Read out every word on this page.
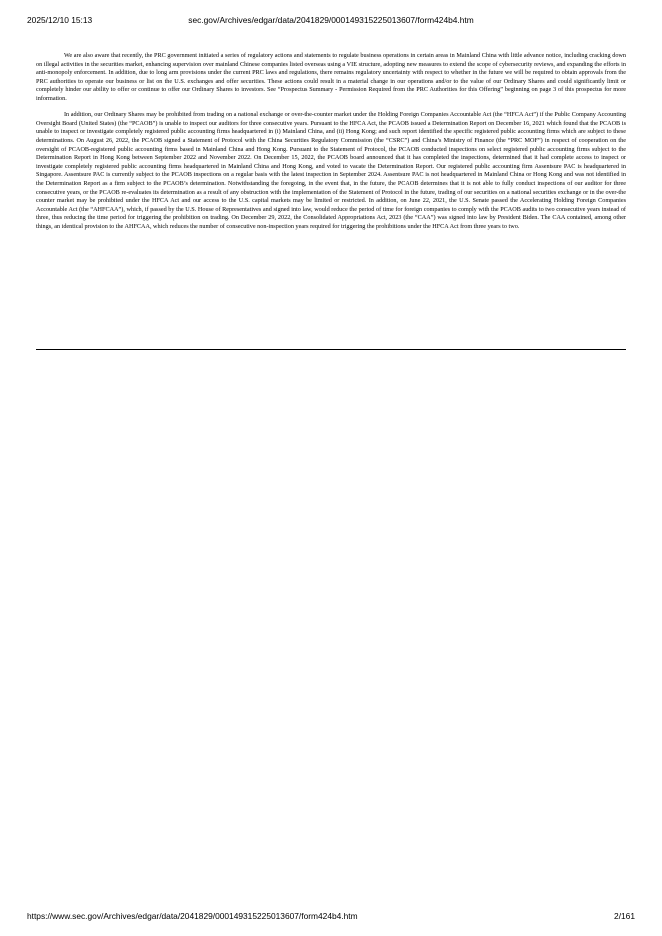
2025/12/10 15:13	sec.gov/Archives/edgar/data/2041829/000149315225013607/form424b4.htm

We are also aware that recently, the PRC government initiated a series of regulatory actions and statements to regulate business operations in certain areas in Mainland China with little advance notice, including cracking down on illegal activities in the securities market, enhancing supervision over mainland Chinese companies listed overseas using a VIE structure, adopting new measures to extend the scope of cybersecurity reviews, and expanding the efforts in anti-monopoly enforcement. In addition, due to long arm provisions under the current PRC laws and regulations, there remains regulatory uncertainty with respect to whether in the future we will be required to obtain approvals from the PRC authorities to operate our business or list on the U.S. exchanges and offer securities. These actions could result in a material change in our operations and/or to the value of our Ordinary Shares and could significantly limit or completely hinder our ability to offer or continue to offer our Ordinary Shares to investors. See “Prospectus Summary - Permission Required from the PRC Authorities for this Offering” beginning on page 3 of this prospectus for more information.

In addition, our Ordinary Shares may be prohibited from trading on a national exchange or over-the-counter market under the Holding Foreign Companies Accountable Act (the “HFCA Act”) if the Public Company Accounting Oversight Board (United States) (the “PCAOB”) is unable to inspect our auditors for three consecutive years. Pursuant to the HFCA Act, the PCAOB issued a Determination Report on December 16, 2021 which found that the PCAOB is unable to inspect or investigate completely registered public accounting firms headquartered in (i) Mainland China, and (ii) Hong Kong; and such report identified the specific registered public accounting firms which are subject to these determinations. On August 26, 2022, the PCAOB signed a Statement of Protocol with the China Securities Regulatory Commission (the “CSRC”) and China’s Ministry of Finance (the “PRC MOF”) in respect of cooperation on the oversight of PCAOB-registered public accounting firms based in Mainland China and Hong Kong. Pursuant to the Statement of Protocol, the PCAOB conducted inspections on select registered public accounting firms subject to the Determination Report in Hong Kong between September 2022 and November 2022. On December 15, 2022, the PCAOB board announced that it has completed the inspections, determined that it had complete access to inspect or investigate completely registered public accounting firms headquartered in Mainland China and Hong Kong, and voted to vacate the Determination Report. Our registered public accounting firm Assentsure PAC is headquartered in Singapore. Assentsure PAC is currently subject to the PCAOB inspections on a regular basis with the latest inspection in September 2024. Assentsure PAC is not headquartered in Mainland China or Hong Kong and was not identified in the Determination Report as a firm subject to the PCAOB’s determination. Notwithstanding the foregoing, in the event that, in the future, the PCAOB determines that it is not able to fully conduct inspections of our auditor for three consecutive years, or the PCAOB re-evaluates its determination as a result of any obstruction with the implementation of the Statement of Protocol in the future, trading of our securities on a national securities exchange or in the over-the counter market may be prohibited under the HFCA Act and our access to the U.S. capital markets may be limited or restricted. In addition, on June 22, 2021, the U.S. Senate passed the Accelerating Holding Foreign Companies Accountable Act (the “AHFCAA”), which, if passed by the U.S. House of Representatives and signed into law, would reduce the period of time for foreign companies to comply with the PCAOB audits to two consecutive years instead of three, thus reducing the time period for triggering the prohibition on trading. On December 29, 2022, the Consolidated Appropriations Act, 2023 (the “CAA”) was signed into law by President Biden. The CAA contained, among other things, an identical provision to the AHFCAA, which reduces the number of consecutive non-inspection years required for triggering the prohibitions under the HFCA Act from three years to two.

https://www.sec.gov/Archives/edgar/data/2041829/000149315225013607/form424b4.htm	2/161
